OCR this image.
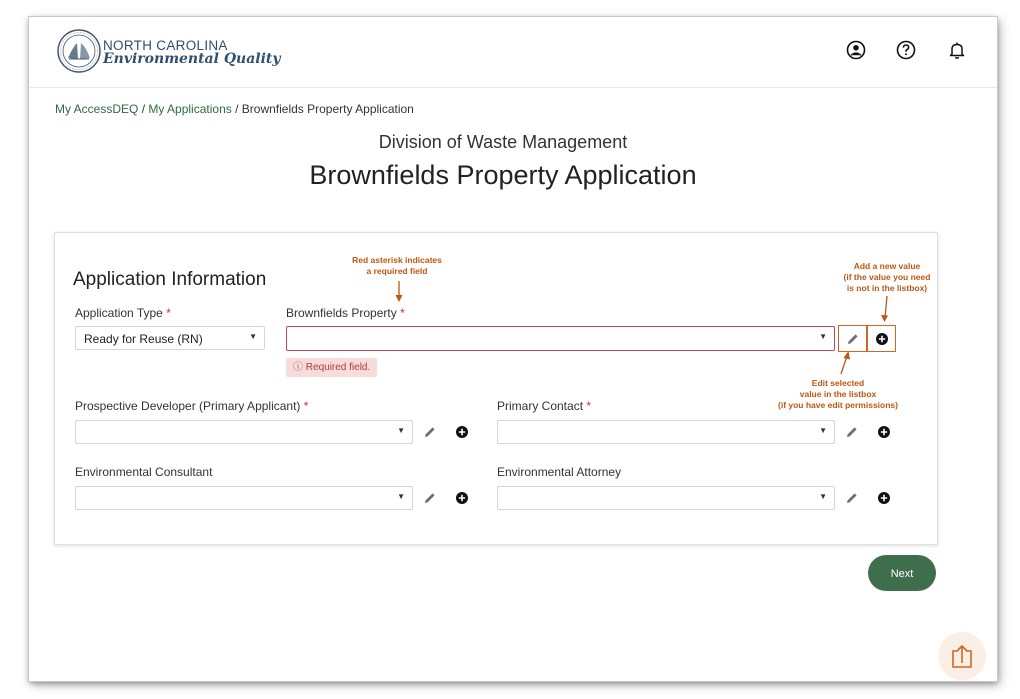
NORTH CAROLINA
Environmental Quality
My AccessDEQ / My Applications / Brownfields Property Application
Division of Waste Management
Brownfields Property Application
Application Information
Red asterisk indicates
a required field	Add a new value
(if the value you need
is not in the listbox)
Edit selected
value in the listbox
(if you have edit permissions)
Application Type *
Ready for Reuse (RN)	▼
Brownfields Property *
▼
ⓘ Required field.
Prospective Developer (Primary Applicant) *
▼
Primary Contact *
▼
Environmental Consultant
▼
Environmental Attorney
▼
Next
